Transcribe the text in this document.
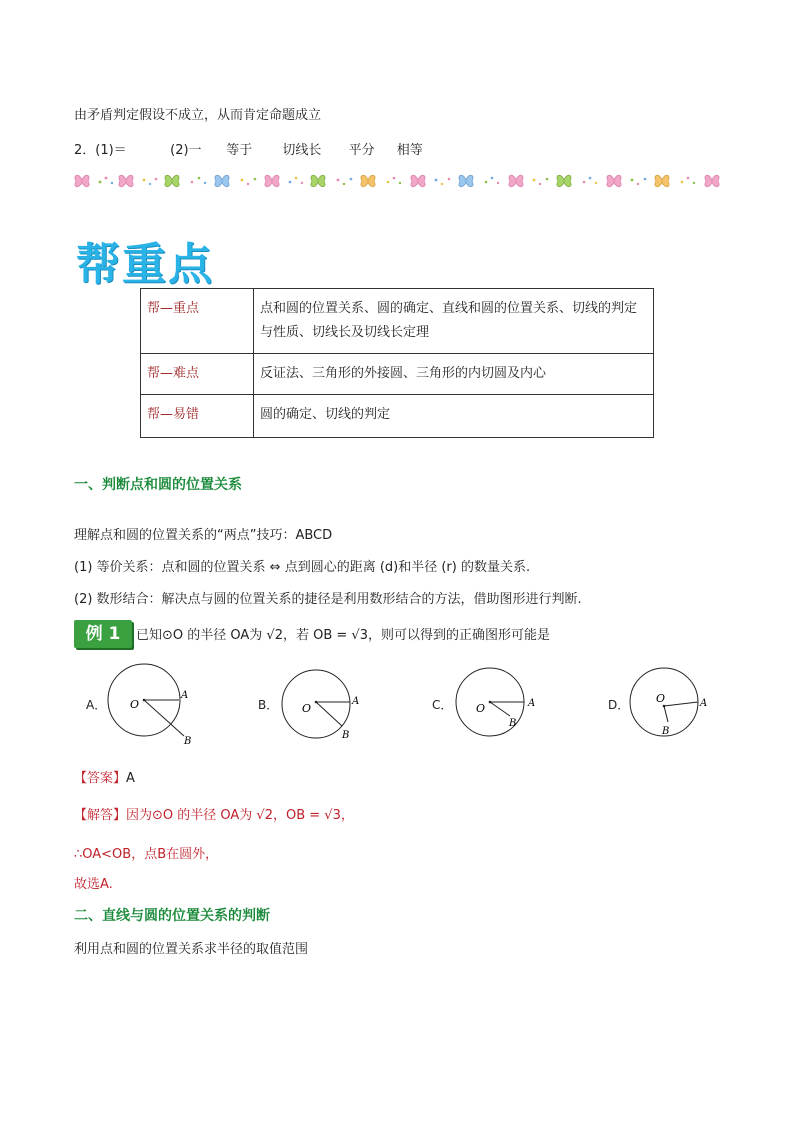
由矛盾判定假设不成立，从而肯定命题成立
2．(1)＝	(2)一 等于 切线长 平分 相等
帮重点
帮—重点	点和圆的位置关系、圆的确定、直线和圆的位置关系、切线的判定与性质、切线长及切线长定理
帮—难点	反证法、三角形的外接圆、三角形的内切圆及内心
帮—易错	圆的确定、切线的判定
一、判断点和圆的位置关系
理解点和圆的位置关系的“两点”技巧：ABCD
(1) 等价关系：点和圆的位置关系 ⇔ 点到圆心的距离 (d)和半径 (r) 的数量关系.
(2) 数形结合：解决点与圆的位置关系的捷径是利用数形结合的方法，借助图形进行判断.
例 1	已知⊙O 的半径 OA为 √2，若 OB = √3，则可以得到的正确图形可能是
A． O
A
B
B． O
A
B
C． O	A
B
D． O	A
B
【答案】A
【解答】因为⊙O 的半径 OA为 √2，OB = √3，
∴OA<OB，点B在圆外，
故选A.
二、直线与圆的位置关系的判断
利用点和圆的位置关系求半径的取值范围
